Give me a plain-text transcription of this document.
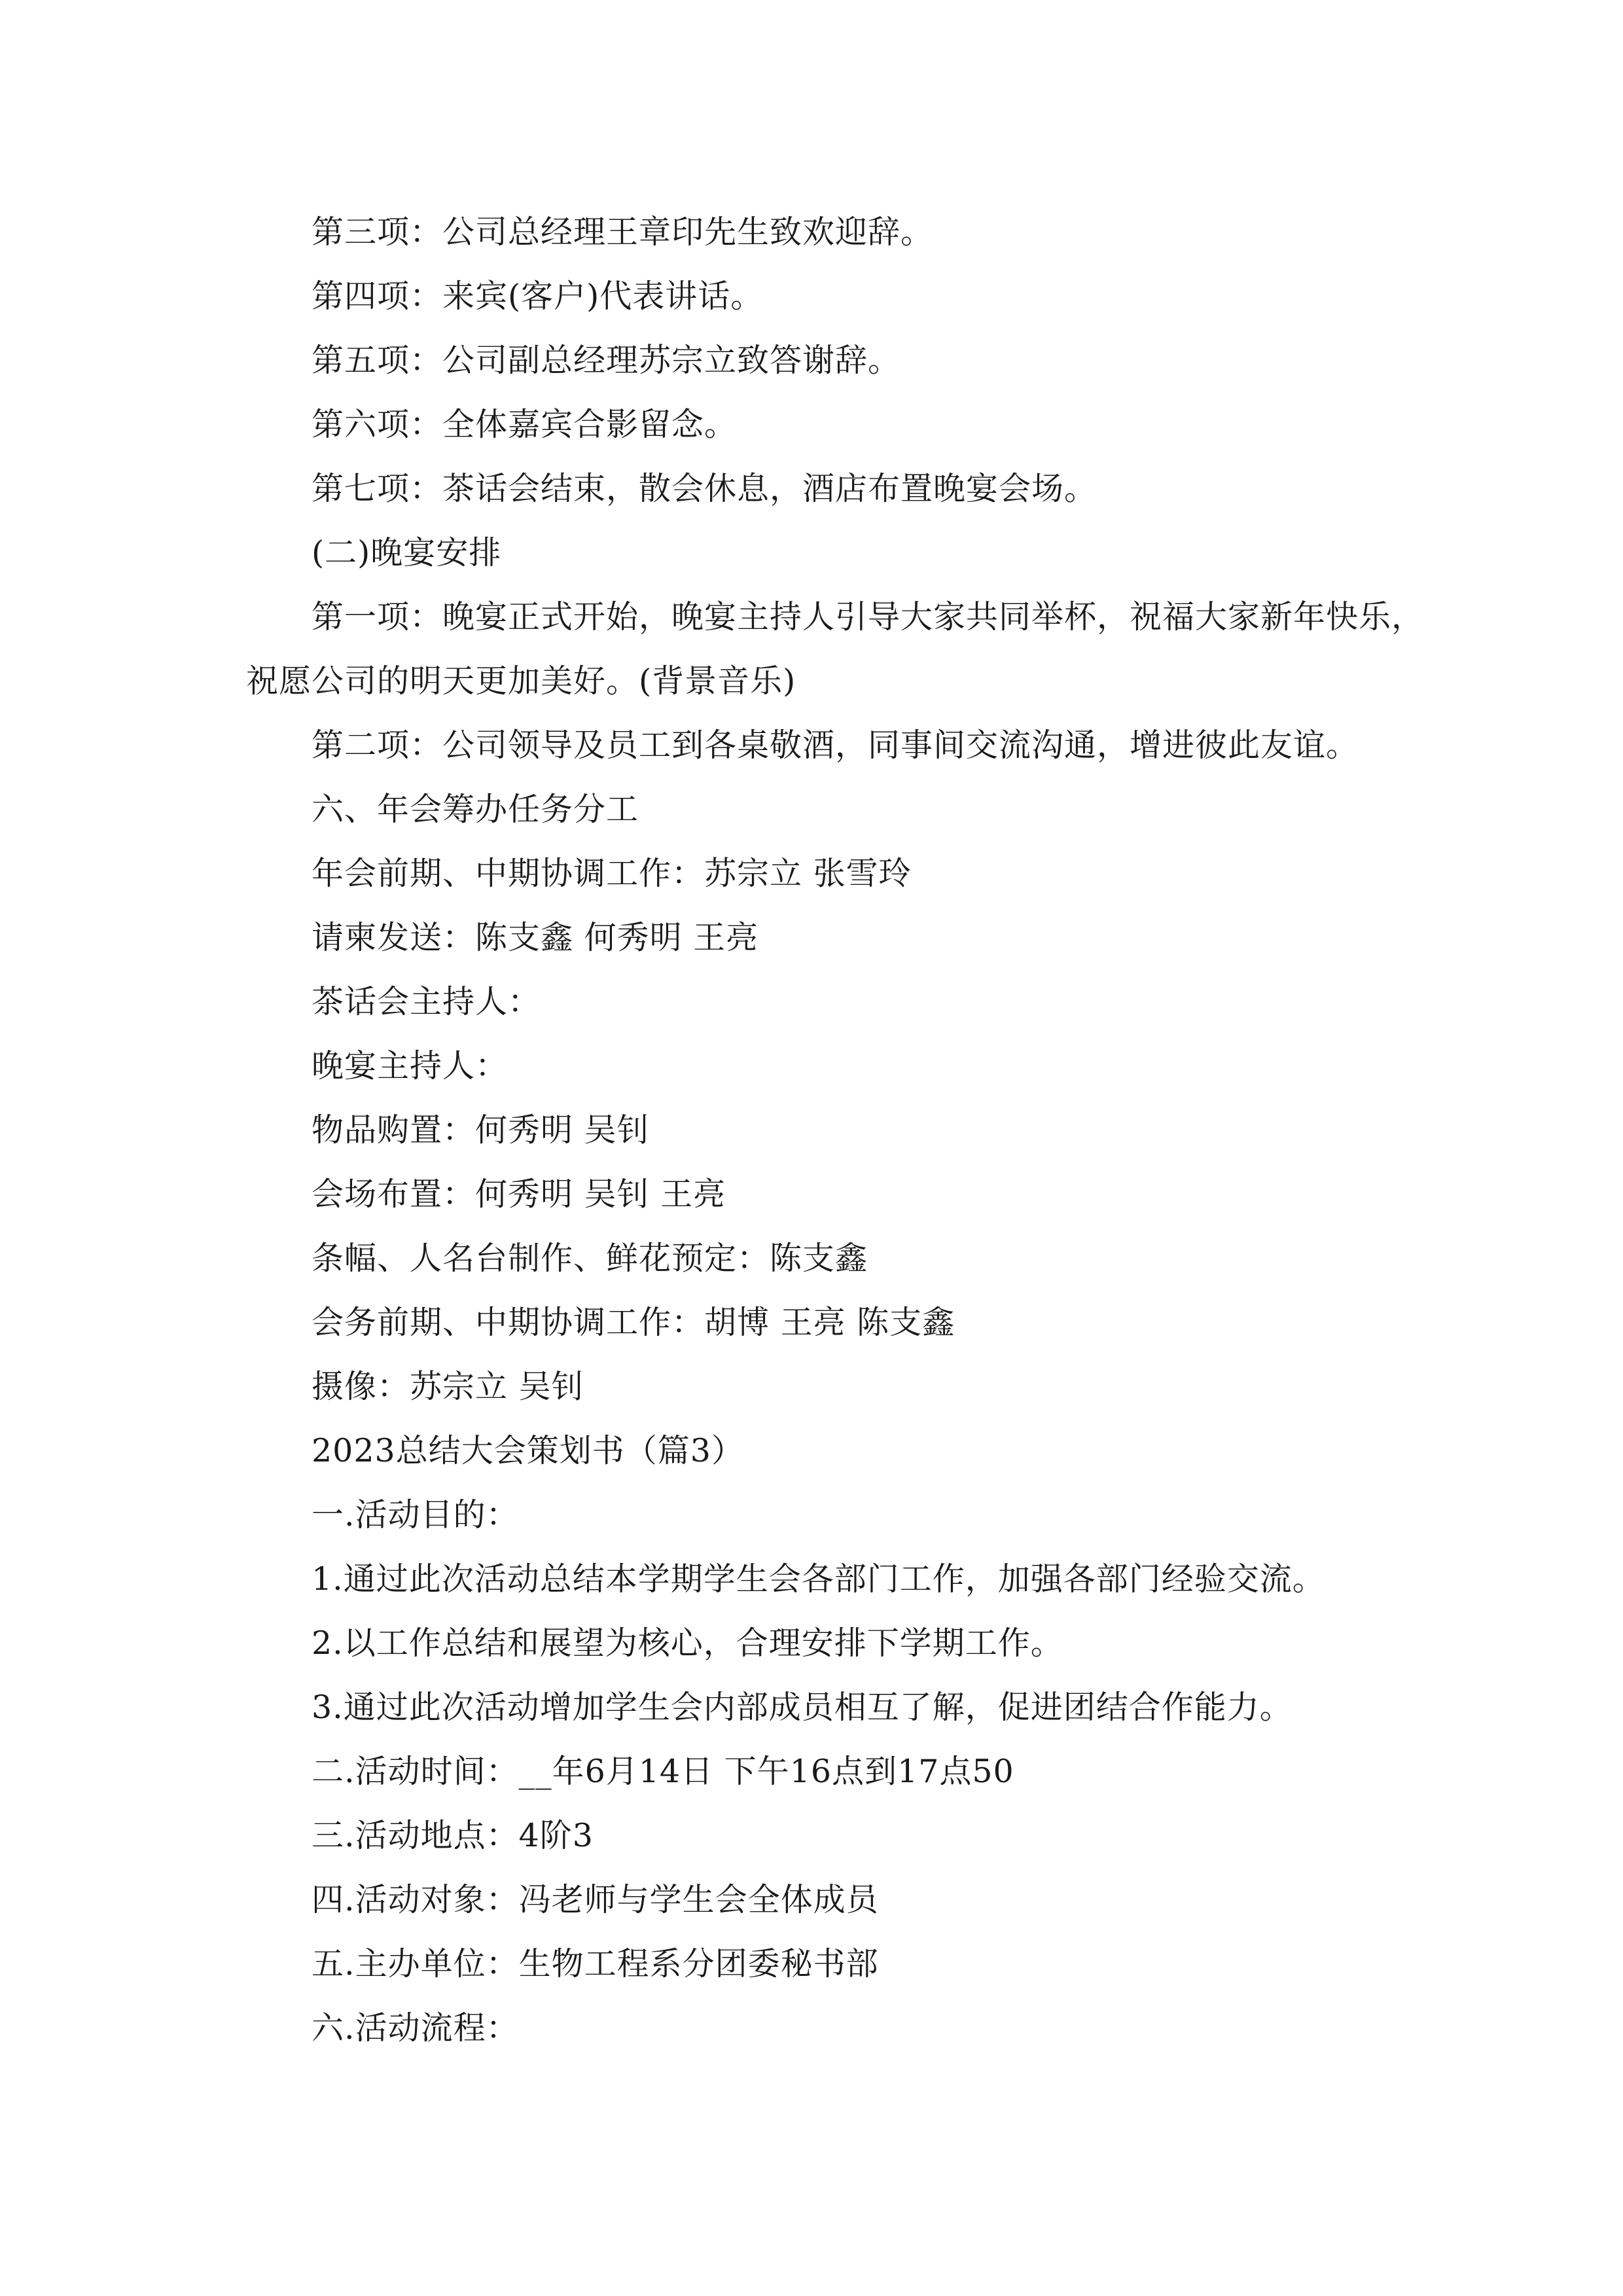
第三项：公司总经理王章印先生致欢迎辞。
第四项：来宾(客户)代表讲话。
第五项：公司副总经理苏宗立致答谢辞。
第六项：全体嘉宾合影留念。
第七项：茶话会结束，散会休息，酒店布置晚宴会场。
(二)晚宴安排
第一项：晚宴正式开始，晚宴主持人引导大家共同举杯，祝福大家新年快乐，
祝愿公司的明天更加美好。(背景音乐)
第二项：公司领导及员工到各桌敬酒，同事间交流沟通，增进彼此友谊。
六、年会筹办任务分工
年会前期、中期协调工作：苏宗立 张雪玲
请柬发送：陈支鑫 何秀明 王亮
茶话会主持人：
晚宴主持人：
物品购置：何秀明 吴钊
会场布置：何秀明 吴钊 王亮
条幅、人名台制作、鲜花预定：陈支鑫
会务前期、中期协调工作：胡博 王亮 陈支鑫
摄像：苏宗立 吴钊
2023总结大会策划书（篇3）
一.活动目的：
1.通过此次活动总结本学期学生会各部门工作，加强各部门经验交流。
2.以工作总结和展望为核心，合理安排下学期工作。
3.通过此次活动增加学生会内部成员相互了解，促进团结合作能力。
二.活动时间：__年6月14日 下午16点到17点50
三.活动地点：4阶3
四.活动对象：冯老师与学生会全体成员
五.主办单位：生物工程系分团委秘书部
六.活动流程：
